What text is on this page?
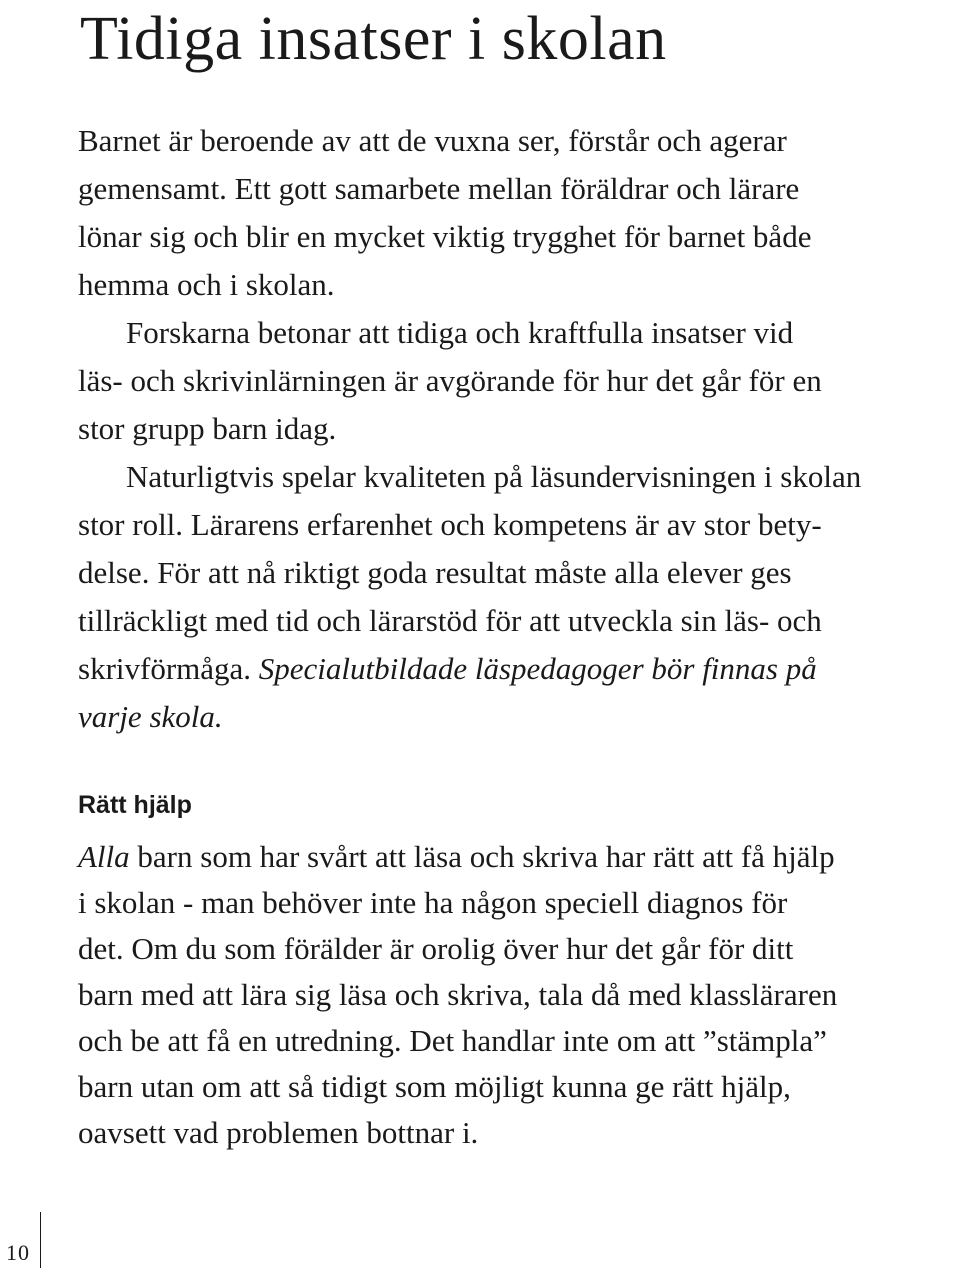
Tidiga insatser i skolan

Barnet är beroende av att de vuxna ser, förstår och agerar
gemensamt. Ett gott samarbete mellan föräldrar och lärare
lönar sig och blir en mycket viktig trygghet för barnet både
hemma och i skolan.

Forskarna betonar att tidiga och kraftfulla insatser vid
läs- och skrivinlärningen är avgörande för hur det går för en
stor grupp barn idag.

Naturligtvis spelar kvaliteten på läsundervisningen i skolan
stor roll. Lärarens erfarenhet och kompetens är av stor bety-
delse. För att nå riktigt goda resultat måste alla elever ges
tillräckligt med tid och lärarstöd för att utveckla sin läs- och
skrivförmåga. Specialutbildade läspedagoger bör finnas på
varje skola.

Rätt hjälp

Alla barn som har svårt att läsa och skriva har rätt att få hjälp
i skolan - man behöver inte ha någon speciell diagnos för
det. Om du som förälder är orolig över hur det går för ditt
barn med att lära sig läsa och skriva, tala då med klassläraren
och be att få en utredning. Det handlar inte om att ”stämpla”
barn utan om att så tidigt som möjligt kunna ge rätt hjälp,
oavsett vad problemen bottnar i.

10
